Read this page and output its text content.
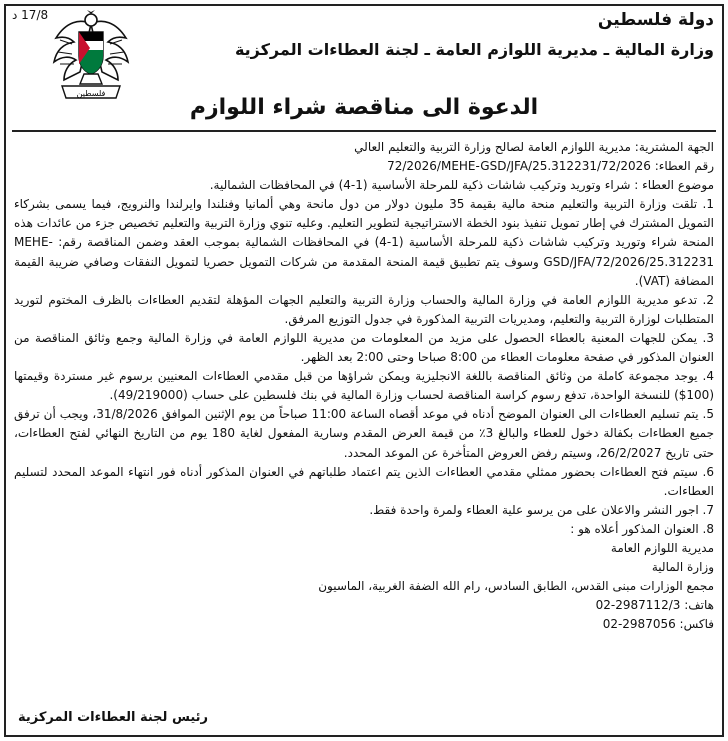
17/8 د
فلسطين
دولة فلسطين
وزارة المالية ـ مديرية اللوازم العامة ـ لجنة العطاءات المركزية
الدعوة الى مناقصة شراء اللوازم

الجهة المشترية: مديرية اللوازم العامة لصالح وزارة التربية والتعليم العالي

رقم العطاء: 72/2026/72/2026/MEHE-GSD/JFA/25.312231

موضوع العطاء : شراء وتوريد وتركيب شاشات ذكية للمرحلة الأساسية (1-4) في المحافظات الشمالية.

1. تلقت وزارة التربية والتعليم منحة مالية بقيمة 35 مليون دولار من دول مانحة وهي ألمانيا وفنلندا وايرلندا والنرويج، فيما يسمى بشركاء التمويل المشترك في إطار تمويل تنفيذ بنود الخطة الاستراتيجية لتطوير التعليم. وعليه تنوي وزارة التربية والتعليم تخصيص جزء من عائدات هذه المنحة شراء وتوريد وتركيب شاشات ذكية للمرحلة الأساسية (1-4) في المحافظات الشمالية بموجب العقد وضمن المناقصة رقم: MEHE-GSD/JFA/72/2026/25.312231 وسوف يتم تطبيق قيمة المنحة المقدمة من شركات التمويل حصريا لتمويل النفقات وصافي ضريبة القيمة المضافة (VAT).

2. تدعو مديرية اللوازم العامة في وزارة المالية والحساب وزارة التربية والتعليم الجهات المؤهلة لتقديم العطاءات بالظرف المختوم لتوريد المتطلبات لوزارة التربية والتعليم، ومديريات التربية المذكورة في جدول التوزيع المرفق.

3. يمكن للجهات المعنية بالعطاء الحصول على مزيد من المعلومات من مديرية اللوازم العامة في وزارة المالية وجمع وثائق المناقصة من العنوان المذكور في صفحة معلومات العطاء من 8:00 صباحا وحتى 2:00 بعد الظهر.

4. يوجد مجموعة كاملة من وثائق المناقصة باللغة الانجليزية ويمكن شراؤها من قبل مقدمي العطاءات المعنيين برسوم غير مستردة وقيمتها (100$) للنسخة الواحدة، تدفع رسوم كراسة المناقصة لحساب وزارة المالية في بنك فلسطين على حساب (49/219000).

5. يتم تسليم العطاءات الى العنوان الموضح أدناه في موعد أقصاه الساعة 11:00 صباحاً من يوم الإثنين الموافق 31/8/2026، ويجب أن ترفق جميع العطاءات بكفالة دخول للعطاء والبالغ 3٪ من قيمة العرض المقدم وسارية المفعول لغاية 180 يوم من التاريخ النهائي لفتح العطاءات، حتى تاريخ 26/2/2027، وسيتم رفض العروض المتأخرة عن الموعد المحدد.

6. سيتم فتح العطاءات بحضور ممثلي مقدمي العطاءات الذين يتم اعتماد طلباتهم في العنوان المذكور أدناه فور انتهاء الموعد المحدد لتسليم العطاءات.

7. اجور النشر والاعلان على من يرسو علية العطاء ولمرة واحدة فقط.

8. العنوان المذكور أعلاه هو :

مديرية اللوازم العامة

وزارة المالية

مجمع الوزارات مبنى القدس، الطابق السادس، رام الله الضفة الغربية، الماسيون

هاتف: 02-2987112/3

فاكس: 02-2987056

رئيس لجنة العطاءات المركزية
